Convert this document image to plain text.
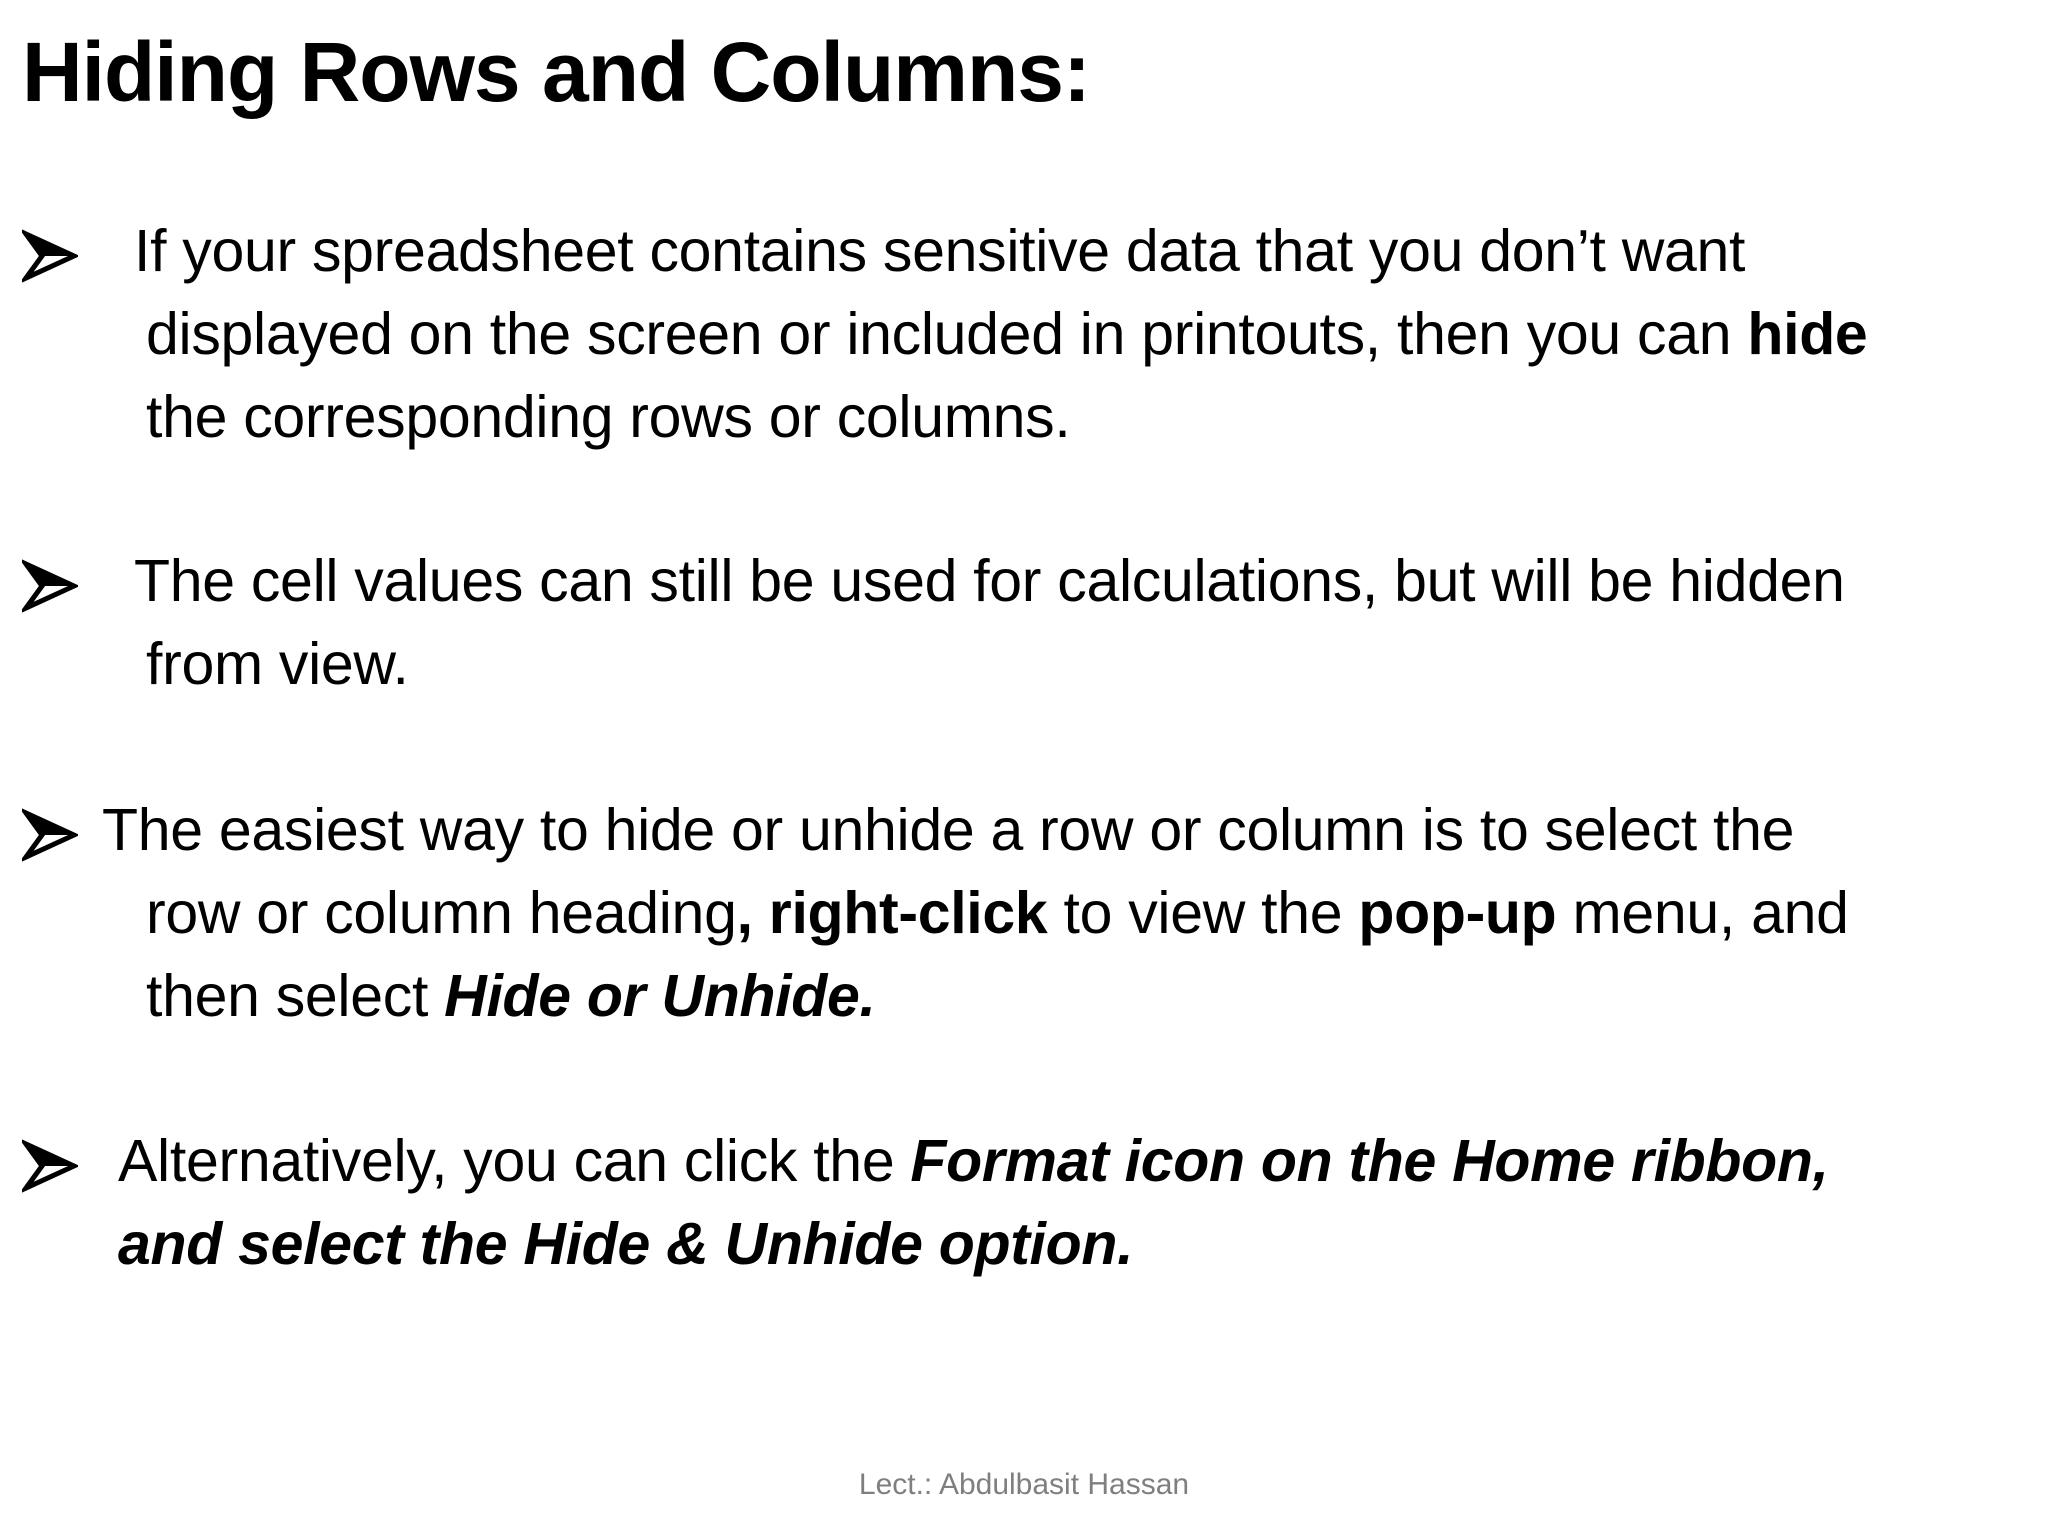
Hiding Rows and Columns:

If your spreadsheet contains sensitive data that you don’t want
displayed on the screen or included in printouts, then you can hide
the corresponding rows or columns.

The cell values can still be used for calculations, but will be hidden
from view.

The easiest way to hide or unhide a row or column is to select the
row or column heading, right-click to view the pop-up menu, and
then select Hide or Unhide.

Alternatively, you can click the Format icon on the Home ribbon,
and select the Hide & Unhide option.

Lect.: Abdulbasit Hassan
